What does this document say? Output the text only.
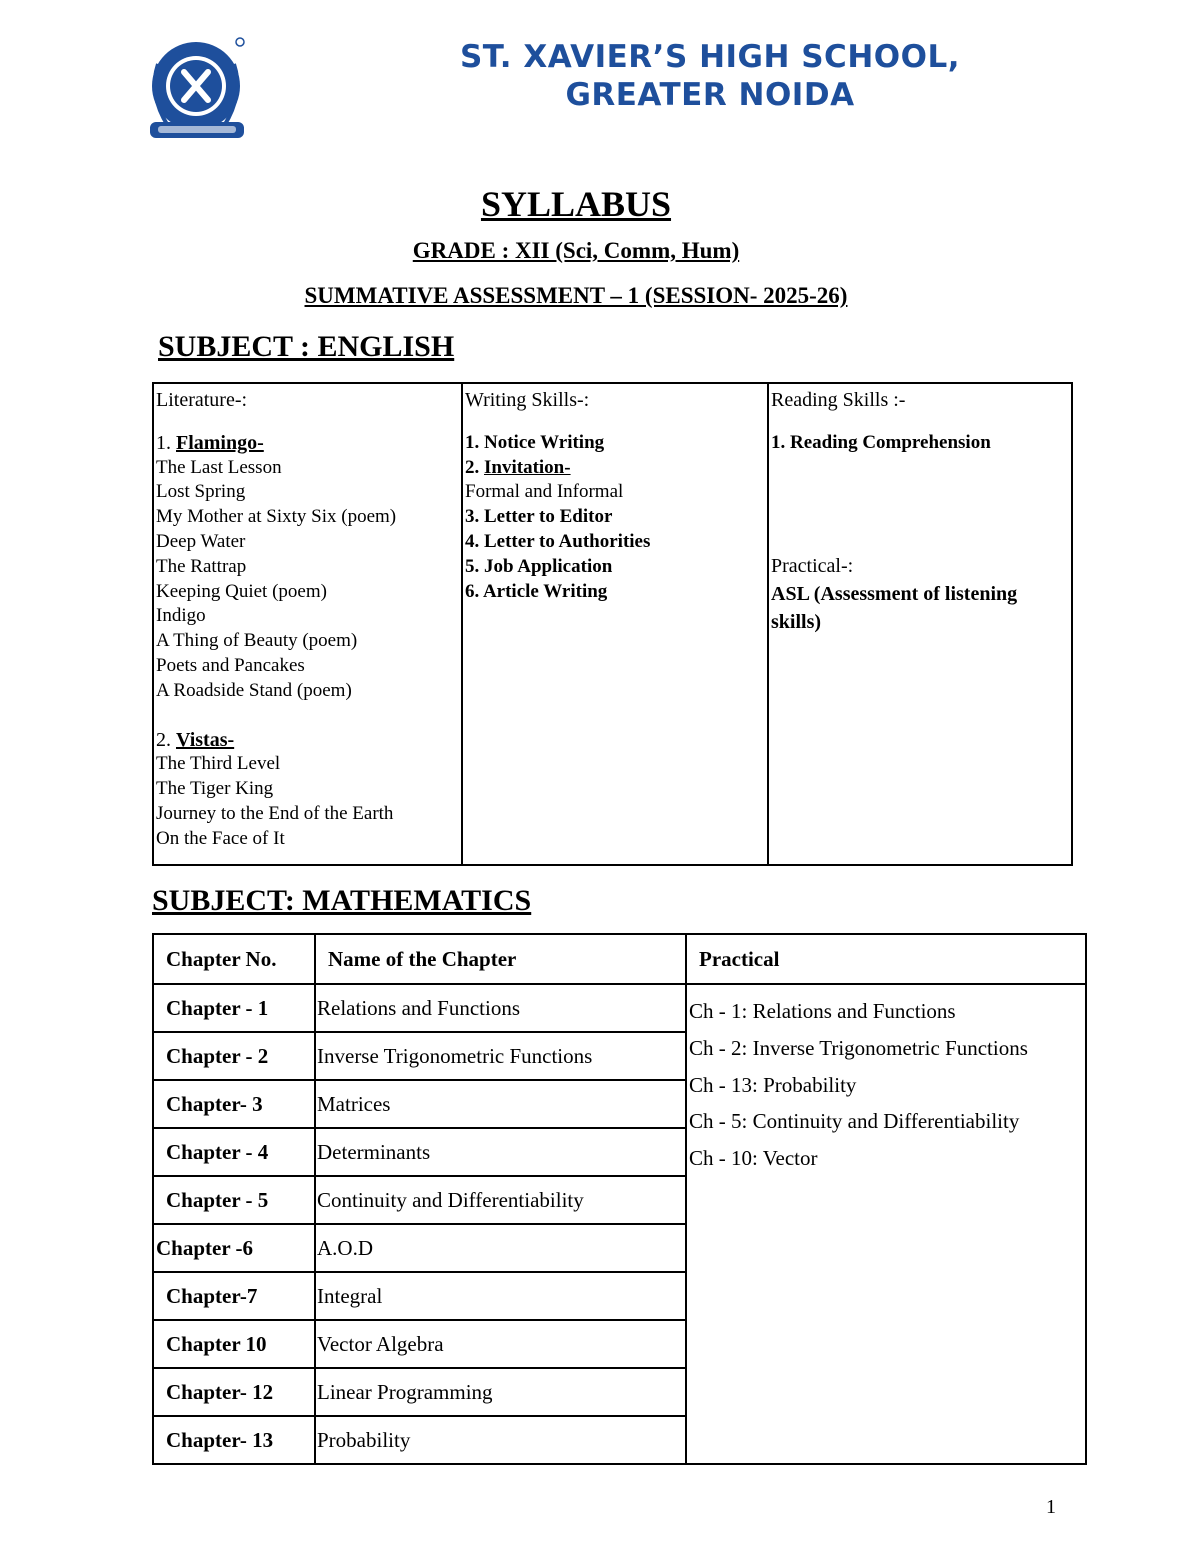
ST. XAVIER’S HIGH SCHOOL,
GREATER NOIDA
SYLLABUS
GRADE : XII (Sci, Comm, Hum)
SUMMATIVE ASSESSMENT – 1 (SESSION- 2025-26)
SUBJECT : ENGLISH
Literature-:
1. Flamingo-
The Last Lesson
Lost Spring
My Mother at Sixty Six (poem)
Deep Water
The Rattrap
Keeping Quiet (poem)
Indigo
A Thing of Beauty (poem)
Poets and Pancakes
A Roadside Stand (poem)
2. Vistas-
The Third Level
The Tiger King
Journey to the End of the Earth
On the Face of It
Writing Skills-:
1. Notice Writing
2. Invitation-
Formal and Informal
3. Letter to Editor
4. Letter to Authorities
5. Job Application
6. Article Writing
Reading Skills :-
1. Reading Comprehension
Practical-:
ASL (Assessment of listening skills)
SUBJECT: MATHEMATICS
Chapter No.	Name of the Chapter	Practical
Chapter - 1	Relations and Functions	Ch - 1: Relations and Functions
Ch - 2: Inverse Trigonometric Functions
Ch - 13: Probability
Ch - 5: Continuity and Differentiability
Ch - 10: Vector

Chapter - 2	Inverse Trigonometric Functions	
Chapter- 3	Matrices	
Chapter - 4	Determinants	
Chapter - 5	Continuity and Differentiability	
Chapter -6	A.O.D	
Chapter-7	Integral	
Chapter 10	Vector Algebra	
Chapter- 12	Linear Programming	
Chapter- 13	Probability	
1
